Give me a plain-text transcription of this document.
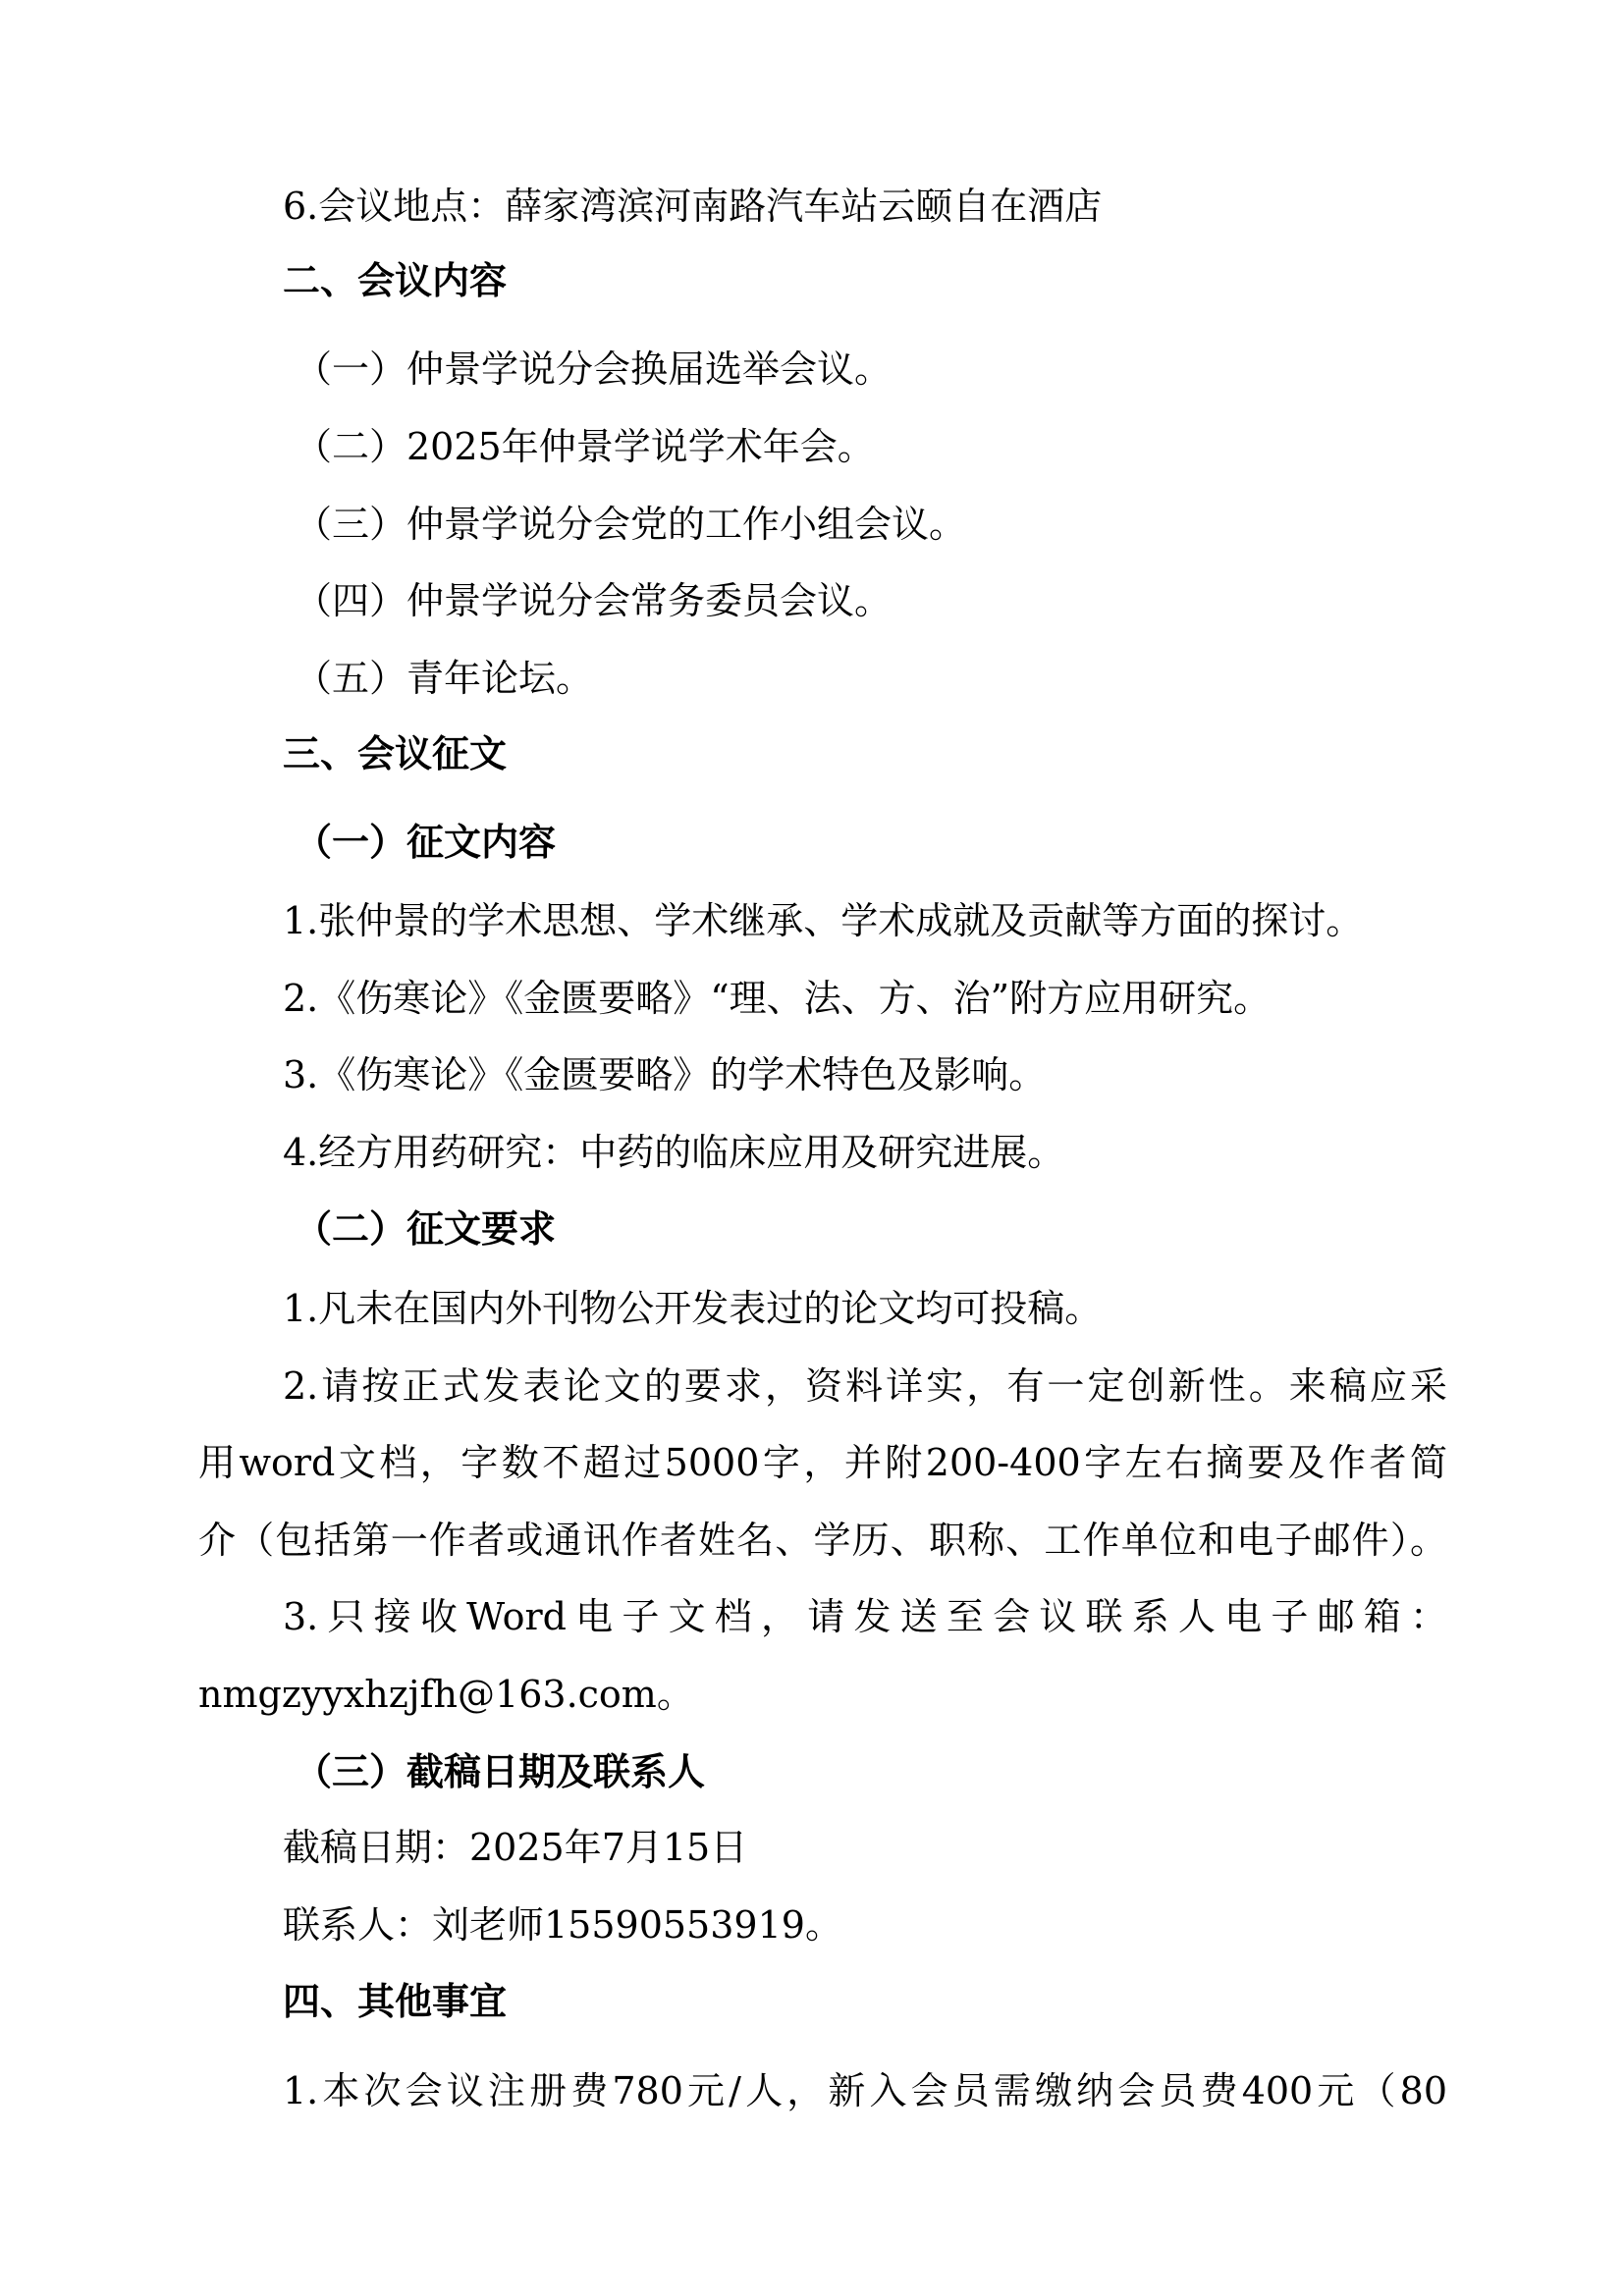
6.会议地点：薛家湾滨河南路汽车站云颐自在酒店
二、会议内容
（一）仲景学说分会换届选举会议。
（二）2025年仲景学说学术年会。
（三）仲景学说分会党的工作小组会议。
（四）仲景学说分会常务委员会议。
（五）青年论坛。
三、会议征文
（一）征文内容
1.张仲景的学术思想、学术继承、学术成就及贡献等方面的探讨。
2.《伤寒论》《金匮要略》“理、法、方、治”附方应用研究。
3.《伤寒论》《金匮要略》的学术特色及影响。
4.经方用药研究：中药的临床应用及研究进展。
（二）征文要求
1.凡未在国内外刊物公开发表过的论文均可投稿。
2.请按正式发表论文的要求，资料详实，有一定创新性。来稿应采
用word文档，字数不超过5000字，并附200-400字左右摘要及作者简
介（包括第一作者或通讯作者姓名、学历、职称、工作单位和电子邮件）。
3.只接收Word电子文档，请发送至会议联系人电子邮箱：
nmgzyyxhzjfh@163.com。
（三）截稿日期及联系人
截稿日期：2025年7月15日
联系人：刘老师15590553919。
四、其他事宜
1.本次会议注册费780元/人，新入会员需缴纳会员费400元（80
